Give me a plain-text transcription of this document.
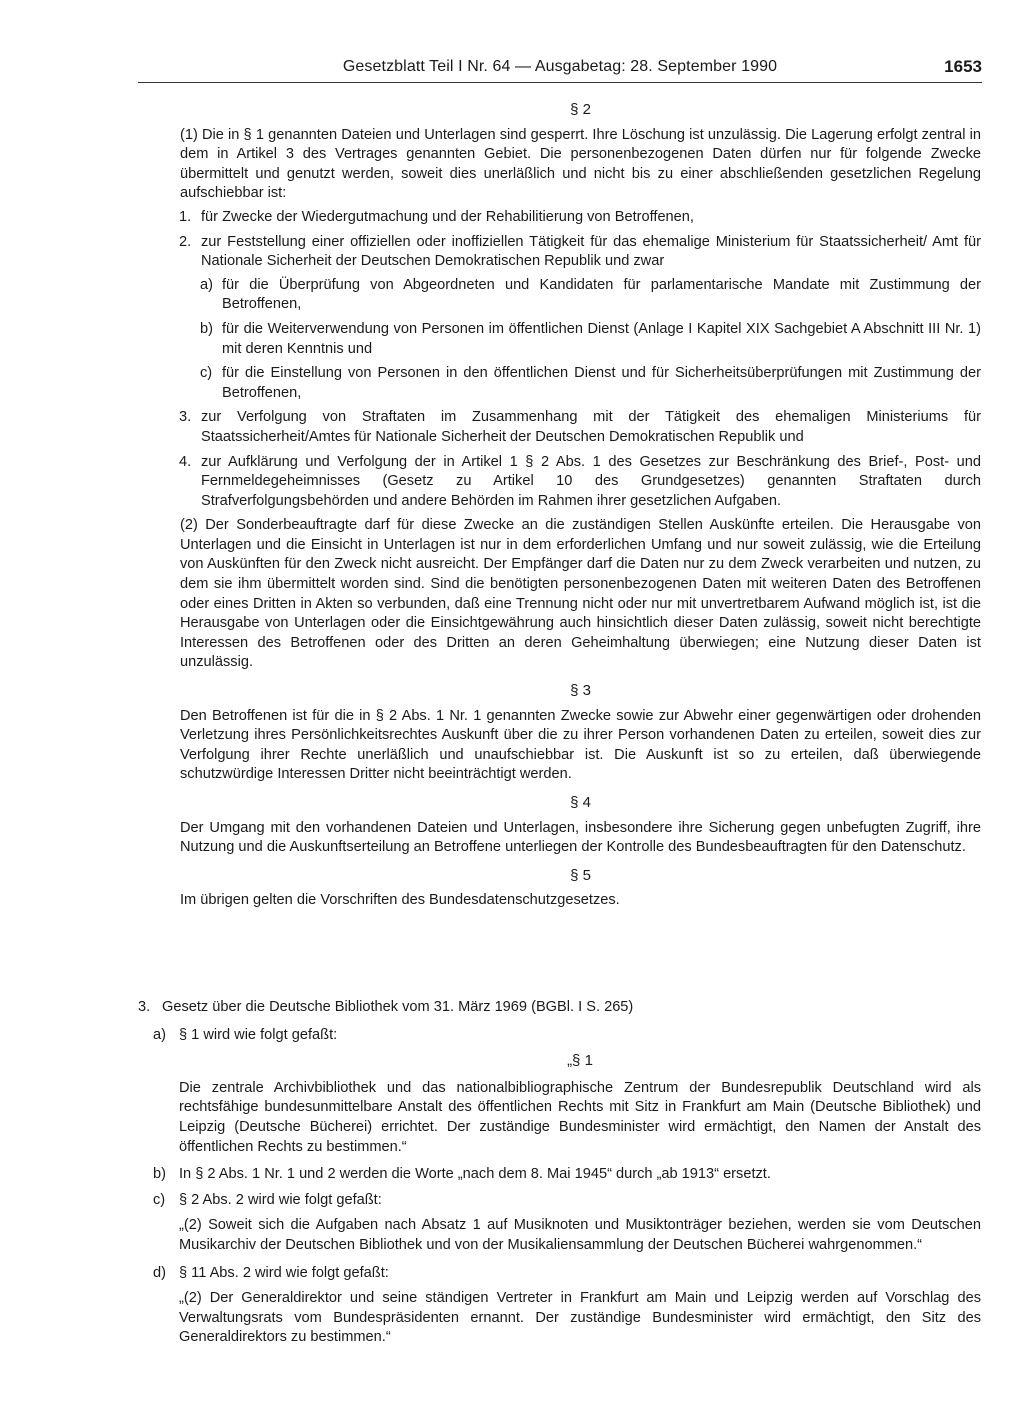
Gesetzblatt Teil I Nr. 64 — Ausgabetag: 28. September 1990	1653
§ 2

(1) Die in § 1 genannten Dateien und Unterlagen sind gesperrt. Ihre Löschung ist unzulässig. Die Lagerung erfolgt zentral in dem in Artikel 3 des Vertrages genannten Gebiet. Die personenbezogenen Daten dürfen nur für folgende Zwecke übermittelt und genutzt werden, soweit dies unerläßlich und nicht bis zu einer abschließenden gesetzlichen Regelung aufschiebbar ist:

1. für Zwecke der Wiedergutmachung und der Rehabilitierung von Betroffenen,
2. zur Feststellung einer offiziellen oder inoffiziellen Tätigkeit für das ehemalige Ministerium für Staatssicherheit/ Amt für Nationale Sicherheit der Deutschen Demokratischen Republik und zwar
a) für die Überprüfung von Abgeordneten und Kandidaten für parlamentarische Mandate mit Zustimmung der Betroffenen,
b) für die Weiterverwendung von Personen im öffentlichen Dienst (Anlage I Kapitel XIX Sachgebiet A Abschnitt III Nr. 1) mit deren Kenntnis und
c) für die Einstellung von Personen in den öffentlichen Dienst und für Sicherheitsüberprüfungen mit Zustimmung der Betroffenen,
3. zur Verfolgung von Straftaten im Zusammenhang mit der Tätigkeit des ehemaligen Ministeriums für Staatssicherheit/Amtes für Nationale Sicherheit der Deutschen Demokratischen Republik und
4. zur Aufklärung und Verfolgung der in Artikel 1 § 2 Abs. 1 des Gesetzes zur Beschränkung des Brief-, Post- und Fernmeldegeheimnisses (Gesetz zu Artikel 10 des Grundgesetzes) genannten Straftaten durch Strafverfolgungsbehörden und andere Behörden im Rahmen ihrer gesetzlichen Aufgaben.

(2) Der Sonderbeauftragte darf für diese Zwecke an die zuständigen Stellen Auskünfte erteilen. Die Herausgabe von Unterlagen und die Einsicht in Unterlagen ist nur in dem erforderlichen Umfang und nur soweit zulässig, wie die Erteilung von Auskünften für den Zweck nicht ausreicht. Der Empfänger darf die Daten nur zu dem Zweck verarbeiten und nutzen, zu dem sie ihm übermittelt worden sind. Sind die benötigten personenbezogenen Daten mit weiteren Daten des Betroffenen oder eines Dritten in Akten so verbunden, daß eine Trennung nicht oder nur mit unvertretbarem Aufwand möglich ist, ist die Herausgabe von Unterlagen oder die Einsichtgewährung auch hinsichtlich dieser Daten zulässig, soweit nicht berechtigte Interessen des Betroffenen oder des Dritten an deren Geheimhaltung überwiegen; eine Nutzung dieser Daten ist unzulässig.

§ 3

Den Betroffenen ist für die in § 2 Abs. 1 Nr. 1 genannten Zwecke sowie zur Abwehr einer gegenwärtigen oder drohenden Verletzung ihres Persönlichkeitsrechtes Auskunft über die zu ihrer Person vorhandenen Daten zu erteilen, soweit dies zur Verfolgung ihrer Rechte unerläßlich und unaufschiebbar ist. Die Auskunft ist so zu erteilen, daß überwiegende schutzwürdige Interessen Dritter nicht beeinträchtigt werden.

§ 4

Der Umgang mit den vorhandenen Dateien und Unterlagen, insbesondere ihre Sicherung gegen unbefugten Zugriff, ihre Nutzung und die Auskunftserteilung an Betroffene unterliegen der Kontrolle des Bundesbeauftragten für den Datenschutz.

§ 5

Im übrigen gelten die Vorschriften des Bundesdatenschutzgesetzes.

3. Gesetz über die Deutsche Bibliothek vom 31. März 1969 (BGBl. I S. 265)
a) § 1 wird wie folgt gefaßt:
„§ 1

Die zentrale Archivbibliothek und das nationalbibliographische Zentrum der Bundesrepublik Deutschland wird als rechtsfähige bundesunmittelbare Anstalt des öffentlichen Rechts mit Sitz in Frankfurt am Main (Deutsche Bibliothek) und Leipzig (Deutsche Bücherei) errichtet. Der zuständige Bundesminister wird ermächtigt, den Namen der Anstalt des öffentlichen Rechts zu bestimmen.“

b) In § 2 Abs. 1 Nr. 1 und 2 werden die Worte „nach dem 8. Mai 1945“ durch „ab 1913“ ersetzt.
c) § 2 Abs. 2 wird wie folgt gefaßt:

„(2) Soweit sich die Aufgaben nach Absatz 1 auf Musiknoten und Musiktonträger beziehen, werden sie vom Deutschen Musikarchiv der Deutschen Bibliothek und von der Musikaliensammlung der Deutschen Bücherei wahrgenommen.“

d) § 11 Abs. 2 wird wie folgt gefaßt:

„(2) Der Generaldirektor und seine ständigen Vertreter in Frankfurt am Main und Leipzig werden auf Vorschlag des Verwaltungsrats vom Bundespräsidenten ernannt. Der zuständige Bundesminister wird ermächtigt, den Sitz des Generaldirektors zu bestimmen.“
